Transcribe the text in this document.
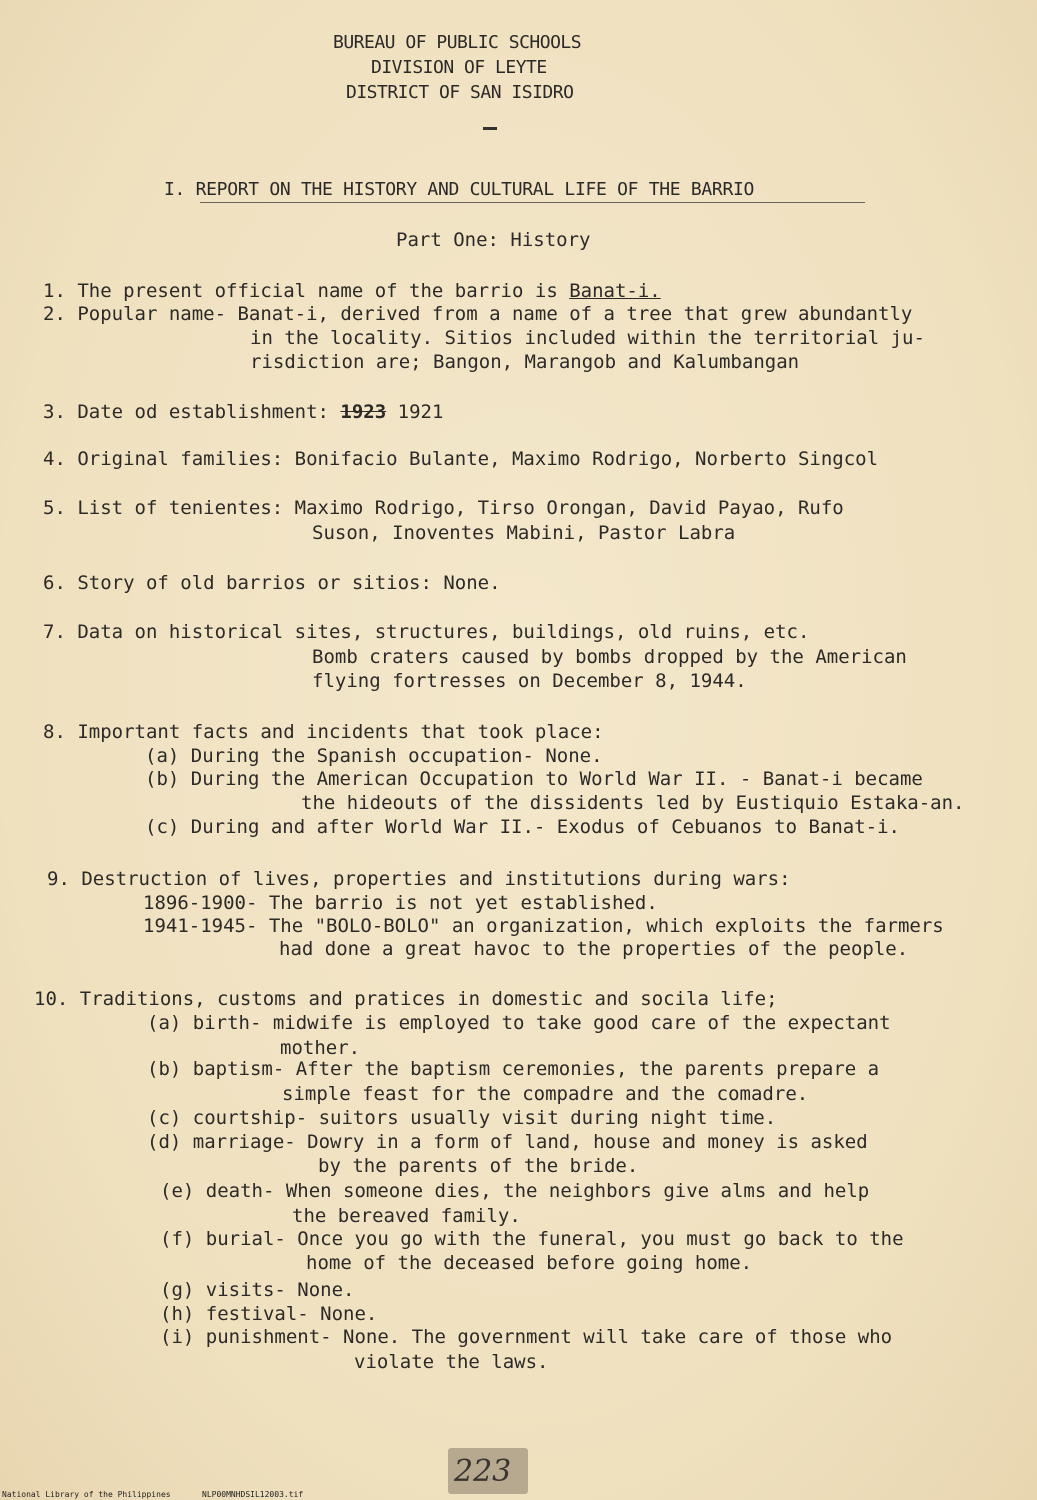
BUREAU OF PUBLIC SCHOOLS
DIVISION OF LEYTE
DISTRICT OF SAN ISIDRO
I. REPORT ON THE HISTORY AND CULTURAL LIFE OF THE BARRIO
Part One: History
1. The present official name of the barrio is Banat-i.
2. Popular name- Banat-i, derived from a name of a tree that grew abundantly
in the locality. Sitios included within the territorial ju-
risdiction are; Bangon, Marangob and Kalumbangan
3. Date od establishment: 1923 1921
4. Original families: Bonifacio Bulante, Maximo Rodrigo, Norberto Singcol
5. List of tenientes: Maximo Rodrigo, Tirso Orongan, David Payao, Rufo
Suson, Inoventes Mabini, Pastor Labra
6. Story of old barrios or sitios: None.
7. Data on historical sites, structures, buildings, old ruins, etc.
Bomb craters caused by bombs dropped by the American
flying fortresses on December 8, 1944.
8. Important facts and incidents that took place:
(a) During the Spanish occupation- None.
(b) During the American Occupation to World War II. - Banat-i became
the hideouts of the dissidents led by Eustiquio Estaka-an.
(c) During and after World War II.- Exodus of Cebuanos to Banat-i.
9. Destruction of lives, properties and institutions during wars:
1896-1900- The barrio is not yet established.
1941-1945- The "BOLO-BOLO" an organization, which exploits the farmers
had done a great havoc to the properties of the people.
10. Traditions, customs and pratices in domestic and socila life;
(a) birth- midwife is employed to take good care of the expectant
mother.
(b) baptism- After the baptism ceremonies, the parents prepare a
simple feast for the compadre and the comadre.
(c) courtship- suitors usually visit during night time.
(d) marriage- Dowry in a form of land, house and money is asked
by the parents of the bride.
(e) death- When someone dies, the neighbors give alms and help
the bereaved family.
(f) burial- Once you go with the funeral, you must go back to the
home of the deceased before going home.
(g) visits- None.
(h) festival- None.
(i) punishment- None. The government will take care of those who
violate the laws.
223
National Library of the Philippines	NLP00MNHDSIL12003.tif
